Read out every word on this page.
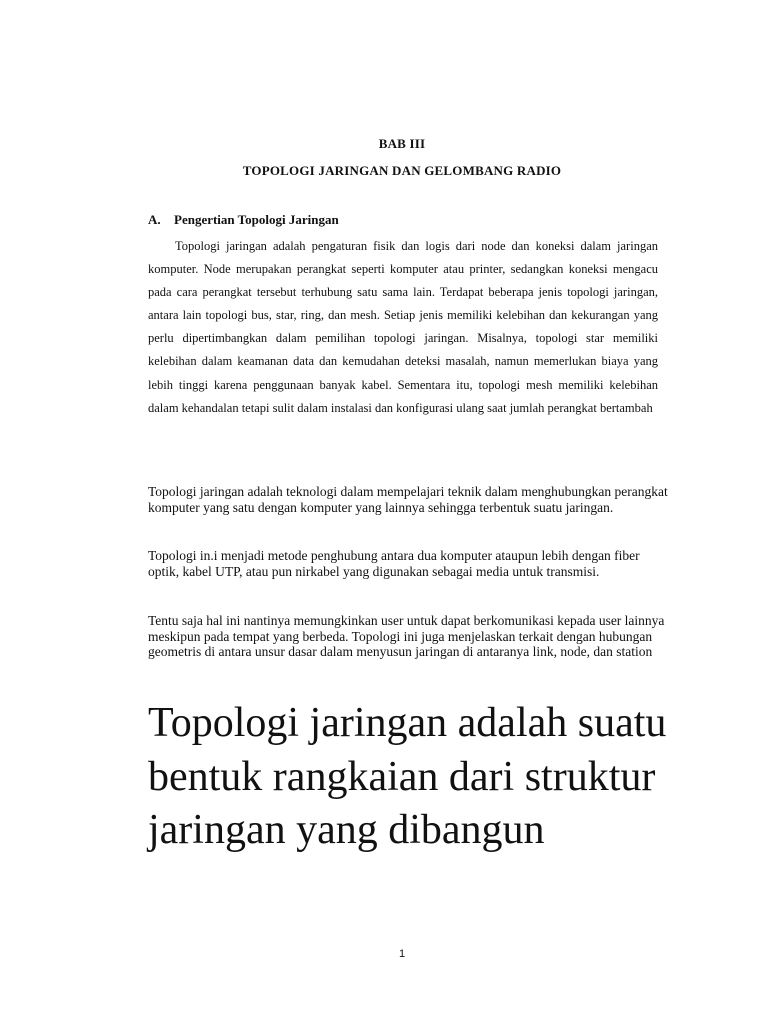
BAB III
TOPOLOGI JARINGAN DAN GELOMBANG RADIO
A. Pengertian Topologi Jaringan

Topologi jaringan adalah pengaturan fisik dan logis dari node dan koneksi dalam jaringan komputer. Node merupakan perangkat seperti komputer atau printer, sedangkan koneksi mengacu pada cara perangkat tersebut terhubung satu sama lain. Terdapat beberapa jenis topologi jaringan, antara lain topologi bus, star, ring, dan mesh. Setiap jenis memiliki kelebihan dan kekurangan yang perlu dipertimbangkan dalam pemilihan topologi jaringan. Misalnya, topologi star memiliki kelebihan dalam keamanan data dan kemudahan deteksi masalah, namun memerlukan biaya yang lebih tinggi karena penggunaan banyak kabel. Sementara itu, topologi mesh memiliki kelebihan dalam kehandalan tetapi sulit dalam instalasi dan konfigurasi ulang saat jumlah perangkat bertambah

Topologi jaringan adalah teknologi dalam mempelajari teknik dalam menghubungkan perangkat komputer yang satu dengan komputer yang lainnya sehingga terbentuk suatu jaringan.

Topologi in.i menjadi metode penghubung antara dua komputer ataupun lebih dengan fiber optik, kabel UTP, atau pun nirkabel yang digunakan sebagai media untuk transmisi.

Tentu saja hal ini nantinya memungkinkan user untuk dapat berkomunikasi kepada user lainnya meskipun pada tempat yang berbeda. Topologi ini juga menjelaskan terkait dengan hubungan geometris di antara unsur dasar dalam menyusun jaringan di antaranya link, node, dan station

Topologi jaringan adalah suatu bentuk rangkaian dari struktur jaringan yang dibangun
1
